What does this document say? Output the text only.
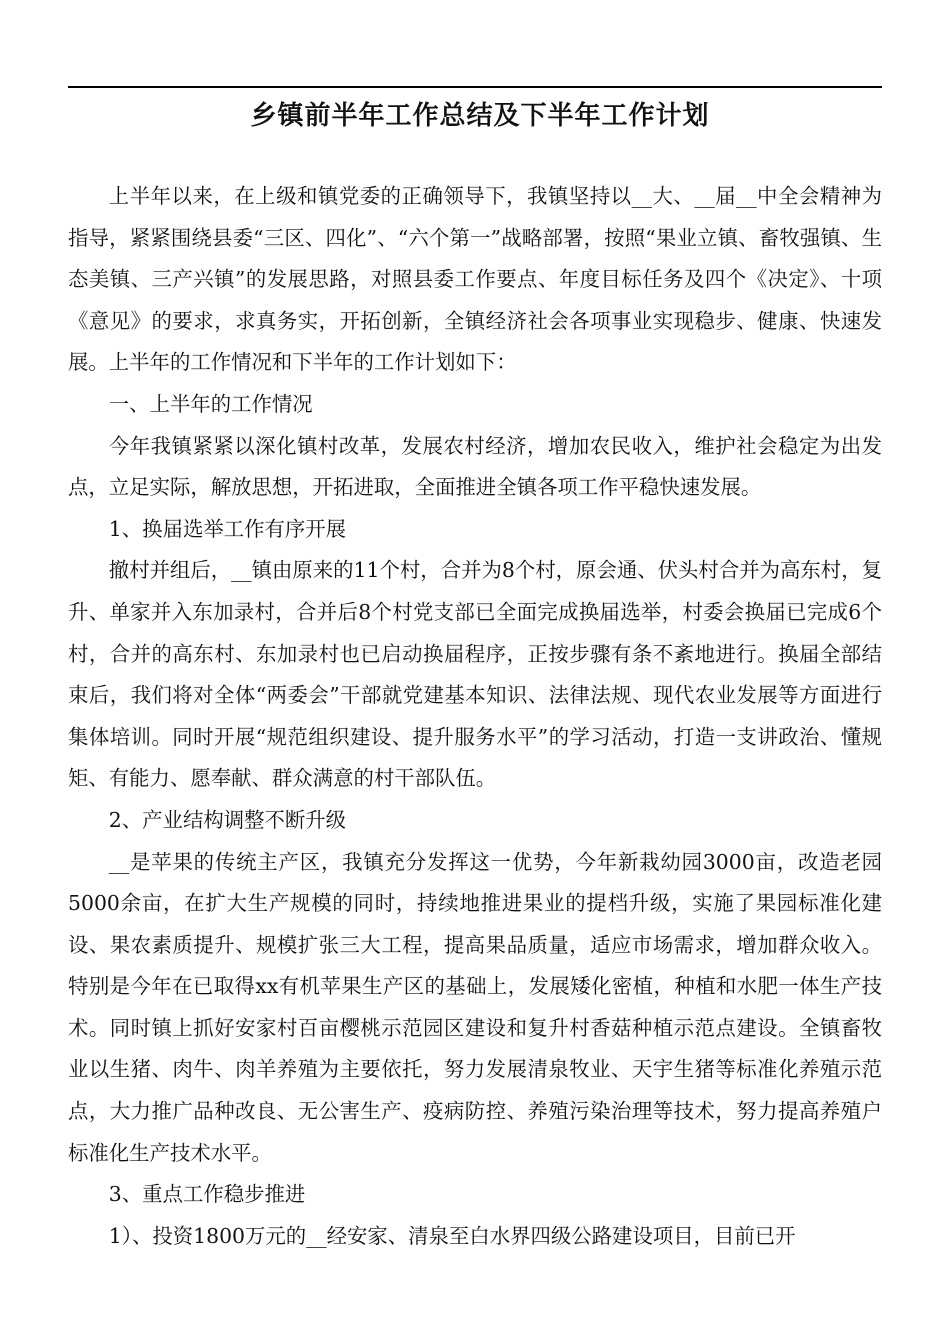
乡镇前半年工作总结及下半年工作计划

上半年以来，在上级和镇党委的正确领导下，我镇坚持以__大、__届__中全会精神为指导，紧紧围绕县委“三区、四化”、“六个第一”战略部署，按照“果业立镇、畜牧强镇、生态美镇、三产兴镇”的发展思路，对照县委工作要点、年度目标任务及四个《决定》、十项《意见》的要求，求真务实，开拓创新，全镇经济社会各项事业实现稳步、健康、快速发展。上半年的工作情况和下半年的工作计划如下：

一、上半年的工作情况

今年我镇紧紧以深化镇村改革，发展农村经济，增加农民收入，维护社会稳定为出发点，立足实际，解放思想，开拓进取，全面推进全镇各项工作平稳快速发展。

1、换届选举工作有序开展

撤村并组后，__镇由原来的11个村，合并为8个村，原会通、伏头村合并为高东村，复升、单家并入东加录村，合并后8个村党支部已全面完成换届选举，村委会换届已完成6个村，合并的高东村、东加录村也已启动换届程序，正按步骤有条不紊地进行。换届全部结束后，我们将对全体“两委会”干部就党建基本知识、法律法规、现代农业发展等方面进行集体培训。同时开展“规范组织建设、提升服务水平”的学习活动，打造一支讲政治、懂规矩、有能力、愿奉献、群众满意的村干部队伍。

2、产业结构调整不断升级

__是苹果的传统主产区，我镇充分发挥这一优势，今年新栽幼园3000亩，改造老园5000余亩，在扩大生产规模的同时，持续地推进果业的提档升级，实施了果园标准化建设、果农素质提升、规模扩张三大工程，提高果品质量，适应市场需求，增加群众收入。特别是今年在已取得xx有机苹果生产区的基础上，发展矮化密植，种植和水肥一体生产技术。同时镇上抓好安家村百亩樱桃示范园区建设和复升村香菇种植示范点建设。全镇畜牧业以生猪、肉牛、肉羊养殖为主要依托，努力发展清泉牧业、天宇生猪等标准化养殖示范点，大力推广品种改良、无公害生产、疫病防控、养殖污染治理等技术，努力提高养殖户标准化生产技术水平。

3、重点工作稳步推进

1）、投资1800万元的__经安家、清泉至白水界四级公路建设项目，目前已开
